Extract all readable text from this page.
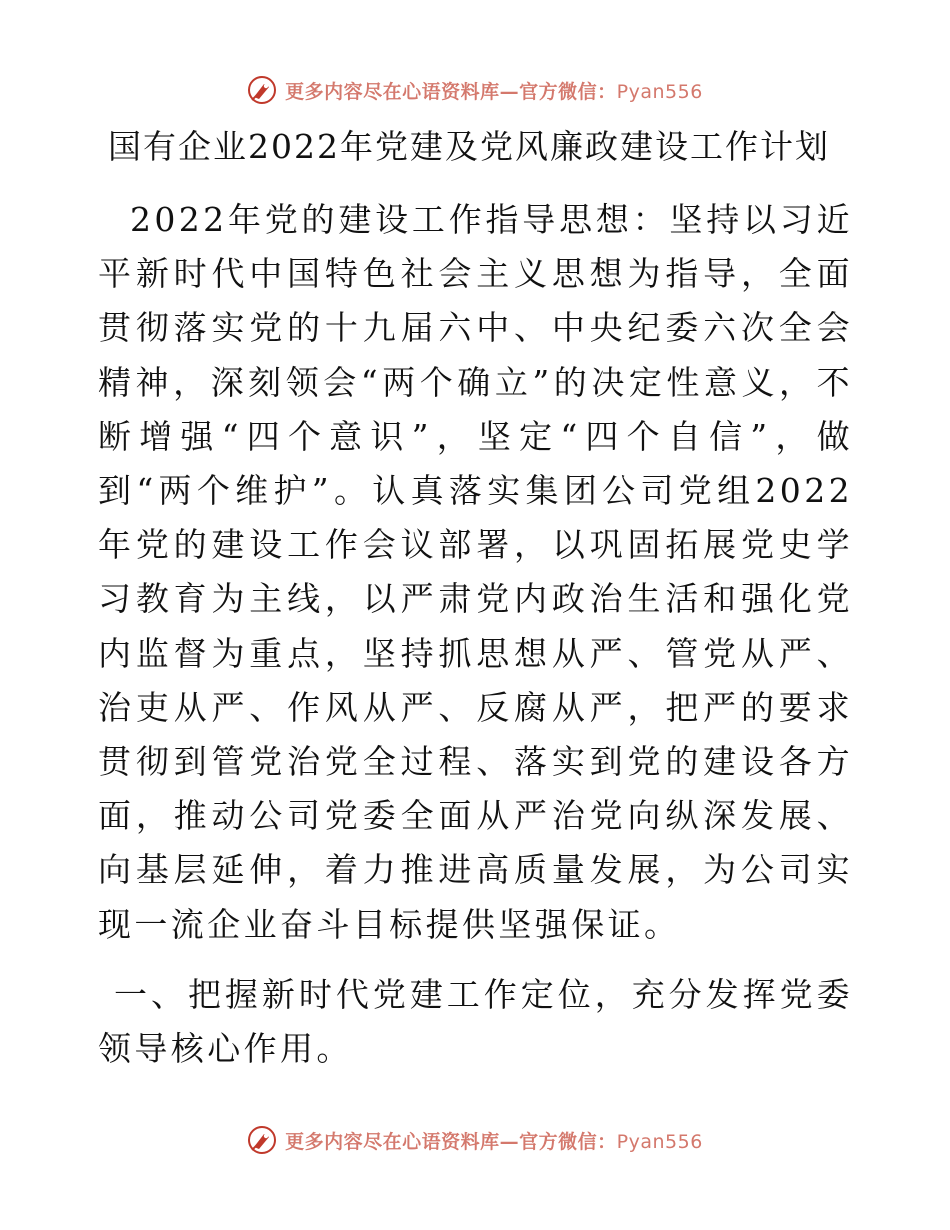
更多内容尽在心语资料库—官方微信：Pyan556
国有企业2022年党建及党风廉政建设工作计划
2022年党的建设工作指导思想：坚持以习近平新时代中国特色社会主义思想为指导，全面贯彻落实党的十九届六中、中央纪委六次全会精神，深刻领会“两个确立”的决定性意义，不断增强“四个意识”，坚定“四个自信”，做到“两个维护”。认真落实集团公司党组2022年党的建设工作会议部署，以巩固拓展党史学习教育为主线，以严肃党内政治生活和强化党内监督为重点，坚持抓思想从严、管党从严、治吏从严、作风从严、反腐从严，把严的要求贯彻到管党治党全过程、落实到党的建设各方面，推动公司党委全面从严治党向纵深发展、向基层延伸，着力推进高质量发展，为公司实现一流企业奋斗目标提供坚强保证。
一、把握新时代党建工作定位，充分发挥党委领导核心作用。
更多内容尽在心语资料库—官方微信：Pyan556
